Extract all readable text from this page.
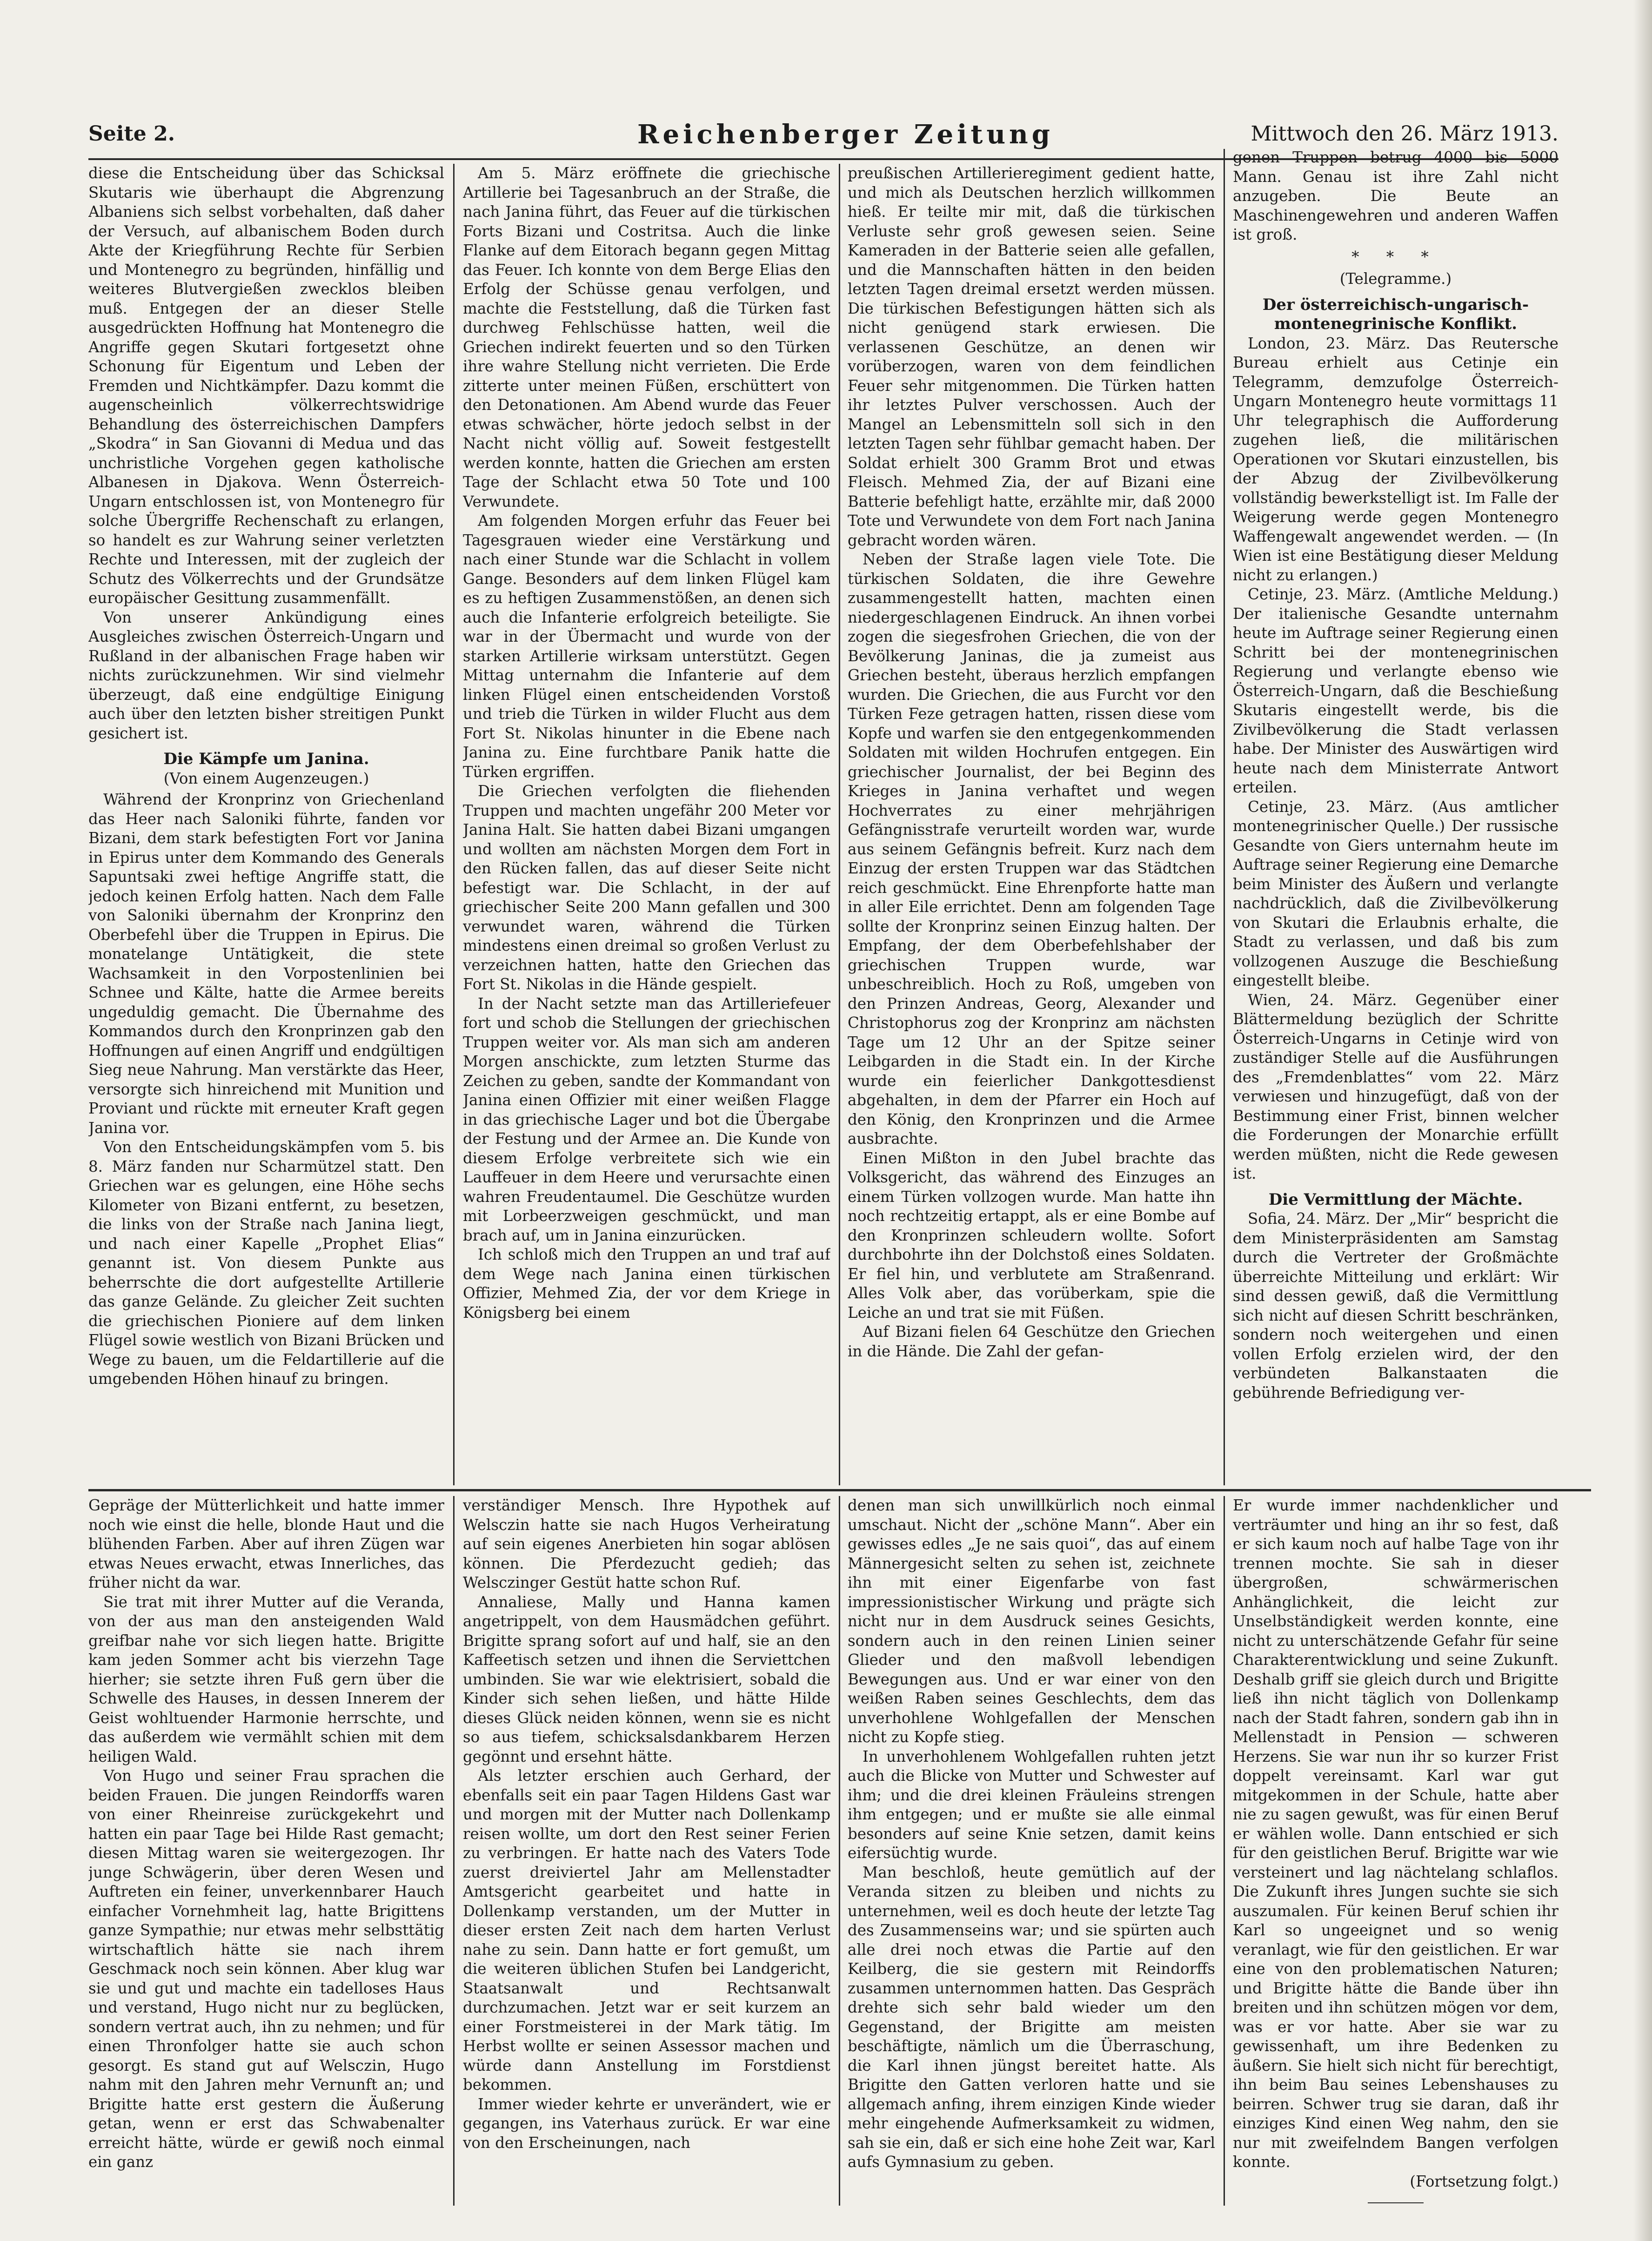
Seite 2.	Reichenberger Zeitung	Mittwoch den 26. März 1913.

diese die Entscheidung über das Schicksal Skutaris wie überhaupt die Abgrenzung Albaniens sich selbst vorbehalten, daß daher der Versuch, auf albanischem Boden durch Akte der Kriegführung Rechte für Serbien und Montenegro zu begründen, hinfällig und weiteres Blutvergießen zwecklos bleiben muß. Entgegen der an dieser Stelle ausgedrückten Hoffnung hat Montenegro die Angriffe gegen Skutari fortgesetzt ohne Schonung für Eigentum und Leben der Fremden und Nichtkämpfer. Dazu kommt die augenscheinlich völkerrechtswidrige Behandlung des österreichischen Dampfers „Skodra“ in San Giovanni di Medua und das unchristliche Vorgehen gegen katholische Albanesen in Djakova. Wenn Österreich-Ungarn entschlossen ist, von Montenegro für solche Übergriffe Rechenschaft zu erlangen, so handelt es zur Wahrung seiner verletzten Rechte und Interessen, mit der zugleich der Schutz des Völkerrechts und der Grundsätze europäischer Gesittung zusammenfällt.

Von unserer Ankündigung eines Ausgleiches zwischen Österreich-Ungarn und Rußland in der albanischen Frage haben wir nichts zurückzunehmen. Wir sind vielmehr überzeugt, daß eine endgültige Einigung auch über den letzten bisher streitigen Punkt gesichert ist.

Die Kämpfe um Janina.
(Von einem Augenzeugen.)

Während der Kronprinz von Griechenland das Heer nach Saloniki führte, fanden vor Bizani, dem stark befestigten Fort vor Janina in Epirus unter dem Kommando des Generals Sapuntsaki zwei heftige Angriffe statt, die jedoch keinen Erfolg hatten. Nach dem Falle von Saloniki übernahm der Kronprinz den Oberbefehl über die Truppen in Epirus. Die monatelange Untätigkeit, die stete Wachsamkeit in den Vorpostenlinien bei Schnee und Kälte, hatte die Armee bereits ungeduldig gemacht. Die Übernahme des Kommandos durch den Kronprinzen gab den Hoffnungen auf einen Angriff und endgültigen Sieg neue Nahrung. Man verstärkte das Heer, versorgte sich hinreichend mit Munition und Proviant und rückte mit erneuter Kraft gegen Janina vor.

Von den Entscheidungskämpfen vom 5. bis 8. März fanden nur Scharmützel statt. Den Griechen war es gelungen, eine Höhe sechs Kilometer von Bizani entfernt, zu besetzen, die links von der Straße nach Janina liegt, und nach einer Kapelle „Prophet Elias“ genannt ist. Von diesem Punkte aus beherrschte die dort aufgestellte Artillerie das ganze Gelände. Zu gleicher Zeit suchten die griechischen Pioniere auf dem linken Flügel sowie westlich von Bizani Brücken und Wege zu bauen, um die Feldartillerie auf die umgebenden Höhen hinauf zu bringen.

Am 5. März eröffnete die griechische Artillerie bei Tagesanbruch an der Straße, die nach Janina führt, das Feuer auf die türkischen Forts Bizani und Costritsa. Auch die linke Flanke auf dem Eitorach begann gegen Mittag das Feuer. Ich konnte von dem Berge Elias den Erfolg der Schüsse genau verfolgen, und machte die Feststellung, daß die Türken fast durchweg Fehlschüsse hatten, weil die Griechen indirekt feuerten und so den Türken ihre wahre Stellung nicht verrieten. Die Erde zitterte unter meinen Füßen, erschüttert von den Detonationen. Am Abend wurde das Feuer etwas schwächer, hörte jedoch selbst in der Nacht nicht völlig auf. Soweit festgestellt werden konnte, hatten die Griechen am ersten Tage der Schlacht etwa 50 Tote und 100 Verwundete.

Am folgenden Morgen erfuhr das Feuer bei Tagesgrauen wieder eine Verstärkung und nach einer Stunde war die Schlacht in vollem Gange. Besonders auf dem linken Flügel kam es zu heftigen Zusammenstößen, an denen sich auch die Infanterie erfolgreich beteiligte. Sie war in der Übermacht und wurde von der starken Artillerie wirksam unterstützt. Gegen Mittag unternahm die Infanterie auf dem linken Flügel einen entscheidenden Vorstoß und trieb die Türken in wilder Flucht aus dem Fort St. Nikolas hinunter in die Ebene nach Janina zu. Eine furchtbare Panik hatte die Türken ergriffen.

Die Griechen verfolgten die fliehenden Truppen und machten ungefähr 200 Meter vor Janina Halt. Sie hatten dabei Bizani umgangen und wollten am nächsten Morgen dem Fort in den Rücken fallen, das auf dieser Seite nicht befestigt war. Die Schlacht, in der auf griechischer Seite 200 Mann gefallen und 300 verwundet waren, während die Türken mindestens einen dreimal so großen Verlust zu verzeichnen hatten, hatte den Griechen das Fort St. Nikolas in die Hände gespielt.

In der Nacht setzte man das Artilleriefeuer fort und schob die Stellungen der griechischen Truppen weiter vor. Als man sich am anderen Morgen anschickte, zum letzten Sturme das Zeichen zu geben, sandte der Kommandant von Janina einen Offizier mit einer weißen Flagge in das griechische Lager und bot die Übergabe der Festung und der Armee an. Die Kunde von diesem Erfolge verbreitete sich wie ein Lauffeuer in dem Heere und verursachte einen wahren Freudentaumel. Die Geschütze wurden mit Lorbeerzweigen geschmückt, und man brach auf, um in Janina einzurücken.

Ich schloß mich den Truppen an und traf auf dem Wege nach Janina einen türkischen Offizier, Mehmed Zia, der vor dem Kriege in Königsberg bei einem

preußischen Artillerieregiment gedient hatte, und mich als Deutschen herzlich willkommen hieß. Er teilte mir mit, daß die türkischen Verluste sehr groß gewesen seien. Seine Kameraden in der Batterie seien alle gefallen, und die Mannschaften hätten in den beiden letzten Tagen dreimal ersetzt werden müssen. Die türkischen Befestigungen hätten sich als nicht genügend stark erwiesen. Die verlassenen Geschütze, an denen wir vorüberzogen, waren von dem feindlichen Feuer sehr mitgenommen. Die Türken hatten ihr letztes Pulver verschossen. Auch der Mangel an Lebensmitteln soll sich in den letzten Tagen sehr fühlbar gemacht haben. Der Soldat erhielt 300 Gramm Brot und etwas Fleisch. Mehmed Zia, der auf Bizani eine Batterie befehligt hatte, erzählte mir, daß 2000 Tote und Verwundete von dem Fort nach Janina gebracht worden wären.

Neben der Straße lagen viele Tote. Die türkischen Soldaten, die ihre Gewehre zusammengestellt hatten, machten einen niedergeschlagenen Eindruck. An ihnen vorbei zogen die siegesfrohen Griechen, die von der Bevölkerung Janinas, die ja zumeist aus Griechen besteht, überaus herzlich empfangen wurden. Die Griechen, die aus Furcht vor den Türken Feze getragen hatten, rissen diese vom Kopfe und warfen sie den entgegenkommenden Soldaten mit wilden Hochrufen entgegen. Ein griechischer Journalist, der bei Beginn des Krieges in Janina verhaftet und wegen Hochverrates zu einer mehrjährigen Gefängnisstrafe verurteilt worden war, wurde aus seinem Gefängnis befreit. Kurz nach dem Einzug der ersten Truppen war das Städtchen reich geschmückt. Eine Ehrenpforte hatte man in aller Eile errichtet. Denn am folgenden Tage sollte der Kronprinz seinen Einzug halten. Der Empfang, der dem Oberbefehlshaber der griechischen Truppen wurde, war unbeschreiblich. Hoch zu Roß, umgeben von den Prinzen Andreas, Georg, Alexander und Christophorus zog der Kronprinz am nächsten Tage um 12 Uhr an der Spitze seiner Leibgarden in die Stadt ein. In der Kirche wurde ein feierlicher Dankgottesdienst abgehalten, in dem der Pfarrer ein Hoch auf den König, den Kronprinzen und die Armee ausbrachte.

Einen Mißton in den Jubel brachte das Volksgericht, das während des Einzuges an einem Türken vollzogen wurde. Man hatte ihn noch rechtzeitig ertappt, als er eine Bombe auf den Kronprinzen schleudern wollte. Sofort durchbohrte ihn der Dolchstoß eines Soldaten. Er fiel hin, und verblutete am Straßenrand. Alles Volk aber, das vorüberkam, spie die Leiche an und trat sie mit Füßen.

Auf Bizani fielen 64 Geschütze den Griechen in die Hände. Die Zahl der gefan-

genen Truppen betrug 4000 bis 5000 Mann. Genau ist ihre Zahl nicht anzugeben. Die Beute an Maschinengewehren und anderen Waffen ist groß.

* * *
(Telegramme.)
Der österreichisch-ungarisch-montenegrinische Konflikt.

London, 23. März. Das Reutersche Bureau erhielt aus Cetinje ein Telegramm, demzufolge Österreich-Ungarn Montenegro heute vormittags 11 Uhr telegraphisch die Aufforderung zugehen ließ, die militärischen Operationen vor Skutari einzustellen, bis der Abzug der Zivilbevölkerung vollständig bewerkstelligt ist. Im Falle der Weigerung werde gegen Montenegro Waffengewalt angewendet werden. — (In Wien ist eine Bestätigung dieser Meldung nicht zu erlangen.)

Cetinje, 23. März. (Amtliche Meldung.) Der italienische Gesandte unternahm heute im Auftrage seiner Regierung einen Schritt bei der montenegrinischen Regierung und verlangte ebenso wie Österreich-Ungarn, daß die Beschießung Skutaris eingestellt werde, bis die Zivilbevölkerung die Stadt verlassen habe. Der Minister des Auswärtigen wird heute nach dem Ministerrate Antwort erteilen.

Cetinje, 23. März. (Aus amtlicher montenegrinischer Quelle.) Der russische Gesandte von Giers unternahm heute im Auftrage seiner Regierung eine Demarche beim Minister des Äußern und verlangte nachdrücklich, daß die Zivilbevölkerung von Skutari die Erlaubnis erhalte, die Stadt zu verlassen, und daß bis zum vollzogenen Auszuge die Beschießung eingestellt bleibe.

Wien, 24. März. Gegenüber einer Blättermeldung bezüglich der Schritte Österreich-Ungarns in Cetinje wird von zuständiger Stelle auf die Ausführungen des „Fremdenblattes“ vom 22. März verwiesen und hinzugefügt, daß von der Bestimmung einer Frist, binnen welcher die Forderungen der Monarchie erfüllt werden müßten, nicht die Rede gewesen ist.

Die Vermittlung der Mächte.

Sofia, 24. März. Der „Mir“ bespricht die dem Ministerpräsidenten am Samstag durch die Vertreter der Großmächte überreichte Mitteilung und erklärt: Wir sind dessen gewiß, daß die Vermittlung sich nicht auf diesen Schritt beschränken, sondern noch weitergehen und einen vollen Erfolg erzielen wird, der den verbündeten Balkanstaaten die gebührende Befriedigung ver-

Gepräge der Mütterlichkeit und hatte immer noch wie einst die helle, blonde Haut und die blühenden Farben. Aber auf ihren Zügen war etwas Neues erwacht, etwas Innerliches, das früher nicht da war.

Sie trat mit ihrer Mutter auf die Veranda, von der aus man den ansteigenden Wald greifbar nahe vor sich liegen hatte. Brigitte kam jeden Sommer acht bis vierzehn Tage hierher; sie setzte ihren Fuß gern über die Schwelle des Hauses, in dessen Innerem der Geist wohltuender Harmonie herrschte, und das außerdem wie vermählt schien mit dem heiligen Wald.

Von Hugo und seiner Frau sprachen die beiden Frauen. Die jungen Reindorffs waren von einer Rheinreise zurückgekehrt und hatten ein paar Tage bei Hilde Rast gemacht; diesen Mittag waren sie weitergezogen. Ihr junge Schwägerin, über deren Wesen und Auftreten ein feiner, unverkennbarer Hauch einfacher Vornehmheit lag, hatte Brigittens ganze Sympathie; nur etwas mehr selbsttätig wirtschaftlich hätte sie nach ihrem Geschmack noch sein können. Aber klug war sie und gut und machte ein tadelloses Haus und verstand, Hugo nicht nur zu beglücken, sondern vertrat auch, ihn zu nehmen; und für einen Thronfolger hatte sie auch schon gesorgt. Es stand gut auf Welsczin, Hugo nahm mit den Jahren mehr Vernunft an; und Brigitte hatte erst gestern die Äußerung getan, wenn er erst das Schwabenalter erreicht hätte, würde er gewiß noch einmal ein ganz

verständiger Mensch. Ihre Hypothek auf Welsczin hatte sie nach Hugos Verheiratung auf sein eigenes Anerbieten hin sogar ablösen können. Die Pferdezucht gedieh; das Welsczinger Gestüt hatte schon Ruf.

Annaliese, Mally und Hanna kamen angetrippelt, von dem Hausmädchen geführt. Brigitte sprang sofort auf und half, sie an den Kaffeetisch setzen und ihnen die Serviettchen umbinden. Sie war wie elektrisiert, sobald die Kinder sich sehen ließen, und hätte Hilde dieses Glück neiden können, wenn sie es nicht so aus tiefem, schicksalsdankbarem Herzen gegönnt und ersehnt hätte.

Als letzter erschien auch Gerhard, der ebenfalls seit ein paar Tagen Hildens Gast war und morgen mit der Mutter nach Dollenkamp reisen wollte, um dort den Rest seiner Ferien zu verbringen. Er hatte nach des Vaters Tode zuerst dreiviertel Jahr am Mellenstadter Amtsgericht gearbeitet und hatte in Dollenkamp verstanden, um der Mutter in dieser ersten Zeit nach dem harten Verlust nahe zu sein. Dann hatte er fort gemußt, um die weiteren üblichen Stufen bei Landgericht, Staatsanwalt und Rechtsanwalt durchzumachen. Jetzt war er seit kurzem an einer Forstmeisterei in der Mark tätig. Im Herbst wollte er seinen Assessor machen und würde dann Anstellung im Forstdienst bekommen.

Immer wieder kehrte er unverändert, wie er gegangen, ins Vaterhaus zurück. Er war eine von den Erscheinungen, nach

denen man sich unwillkürlich noch einmal umschaut. Nicht der „schöne Mann“. Aber ein gewisses edles „Je ne sais quoi“, das auf einem Männergesicht selten zu sehen ist, zeichnete ihn mit einer Eigenfarbe von fast impressionistischer Wirkung und prägte sich nicht nur in dem Ausdruck seines Gesichts, sondern auch in den reinen Linien seiner Glieder und den maßvoll lebendigen Bewegungen aus. Und er war einer von den weißen Raben seines Geschlechts, dem das unverhohlene Wohlgefallen der Menschen nicht zu Kopfe stieg.

In unverhohlenem Wohlgefallen ruhten jetzt auch die Blicke von Mutter und Schwester auf ihm; und die drei kleinen Fräuleins strengen ihm entgegen; und er mußte sie alle einmal besonders auf seine Knie setzen, damit keins eifersüchtig wurde.

Man beschloß, heute gemütlich auf der Veranda sitzen zu bleiben und nichts zu unternehmen, weil es doch heute der letzte Tag des Zusammenseins war; und sie spürten auch alle drei noch etwas die Partie auf den Keilberg, die sie gestern mit Reindorffs zusammen unternommen hatten. Das Gespräch drehte sich sehr bald wieder um den Gegenstand, der Brigitte am meisten beschäftigte, nämlich um die Überraschung, die Karl ihnen jüngst bereitet hatte. Als Brigitte den Gatten verloren hatte und sie allgemach anfing, ihrem einzigen Kinde wieder mehr eingehende Aufmerksamkeit zu widmen, sah sie ein, daß er sich eine hohe Zeit war, Karl aufs Gymnasium zu geben.

Er wurde immer nachdenklicher und verträumter und hing an ihr so fest, daß er sich kaum noch auf halbe Tage von ihr trennen mochte. Sie sah in dieser übergroßen, schwärmerischen Anhänglichkeit, die leicht zur Unselbständigkeit werden konnte, eine nicht zu unterschätzende Gefahr für seine Charakterentwicklung und seine Zukunft. Deshalb griff sie gleich durch und Brigitte ließ ihn nicht täglich von Dollenkamp nach der Stadt fahren, sondern gab ihn in Mellenstadt in Pension — schweren Herzens. Sie war nun ihr so kurzer Frist doppelt vereinsamt. Karl war gut mitgekommen in der Schule, hatte aber nie zu sagen gewußt, was für einen Beruf er wählen wolle. Dann entschied er sich für den geistlichen Beruf. Brigitte war wie versteinert und lag nächtelang schlaflos. Die Zukunft ihres Jungen suchte sie sich auszumalen. Für keinen Beruf schien ihr Karl so ungeeignet und so wenig veranlagt, wie für den geistlichen. Er war eine von den problematischen Naturen; und Brigitte hätte die Bande über ihn breiten und ihn schützen mögen vor dem, was er vor hatte. Aber sie war zu gewissenhaft, um ihre Bedenken zu äußern. Sie hielt sich nicht für berechtigt, ihn beim Bau seines Lebenshauses zu beirren. Schwer trug sie daran, daß ihr einziges Kind einen Weg nahm, den sie nur mit zweifelndem Bangen verfolgen konnte.

(Fortsetzung folgt.)
